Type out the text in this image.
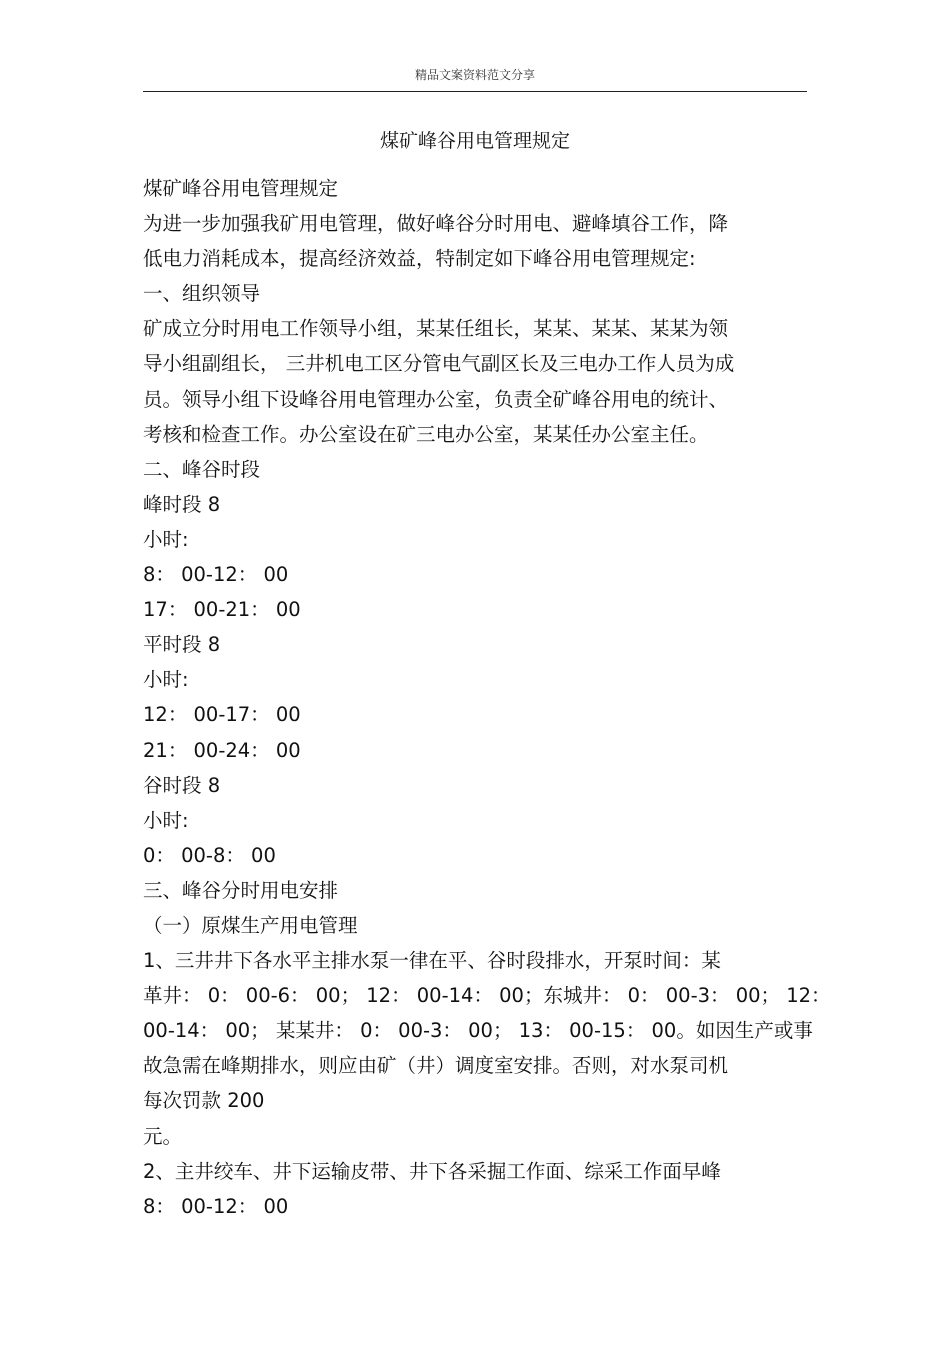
精品文案资料范文分享
煤矿峰谷用电管理规定
煤矿峰谷用电管理规定
为进一步加强我矿用电管理，做好峰谷分时用电、避峰填谷工作，降
低电力消耗成本，提高经济效益，特制定如下峰谷用电管理规定:
一、组织领导
矿成立分时用电工作领导小组，某某任组长，某某、某某、某某为领
导小组副组长， 三井机电工区分管电气副区长及三电办工作人员为成
员。领导小组下设峰谷用电管理办公室，负责全矿峰谷用电的统计、
考核和检查工作。办公室设在矿三电办公室，某某任办公室主任。
二、峰谷时段
峰时段 8
小时:
8： 00-12： 00
17： 00-21： 00
平时段 8
小时:
12： 00-17： 00
21： 00-24： 00
谷时段 8
小时:
0： 00-8： 00
三、峰谷分时用电安排
（一）原煤生产用电管理
1、三井井下各水平主排水泵一律在平、谷时段排水，开泵时间：某
革井： 0： 00-6： 00； 12： 00-14： 00；东城井： 0： 00-3： 00； 12：
00-14： 00； 某某井： 0： 00-3： 00； 13： 00-15： 00。如因生产或事
故急需在峰期排水，则应由矿（井）调度室安排。否则，对水泵司机
每次罚款 200
元。
2、主井绞车、井下运输皮带、井下各采掘工作面、综采工作面早峰
8： 00-12： 00
